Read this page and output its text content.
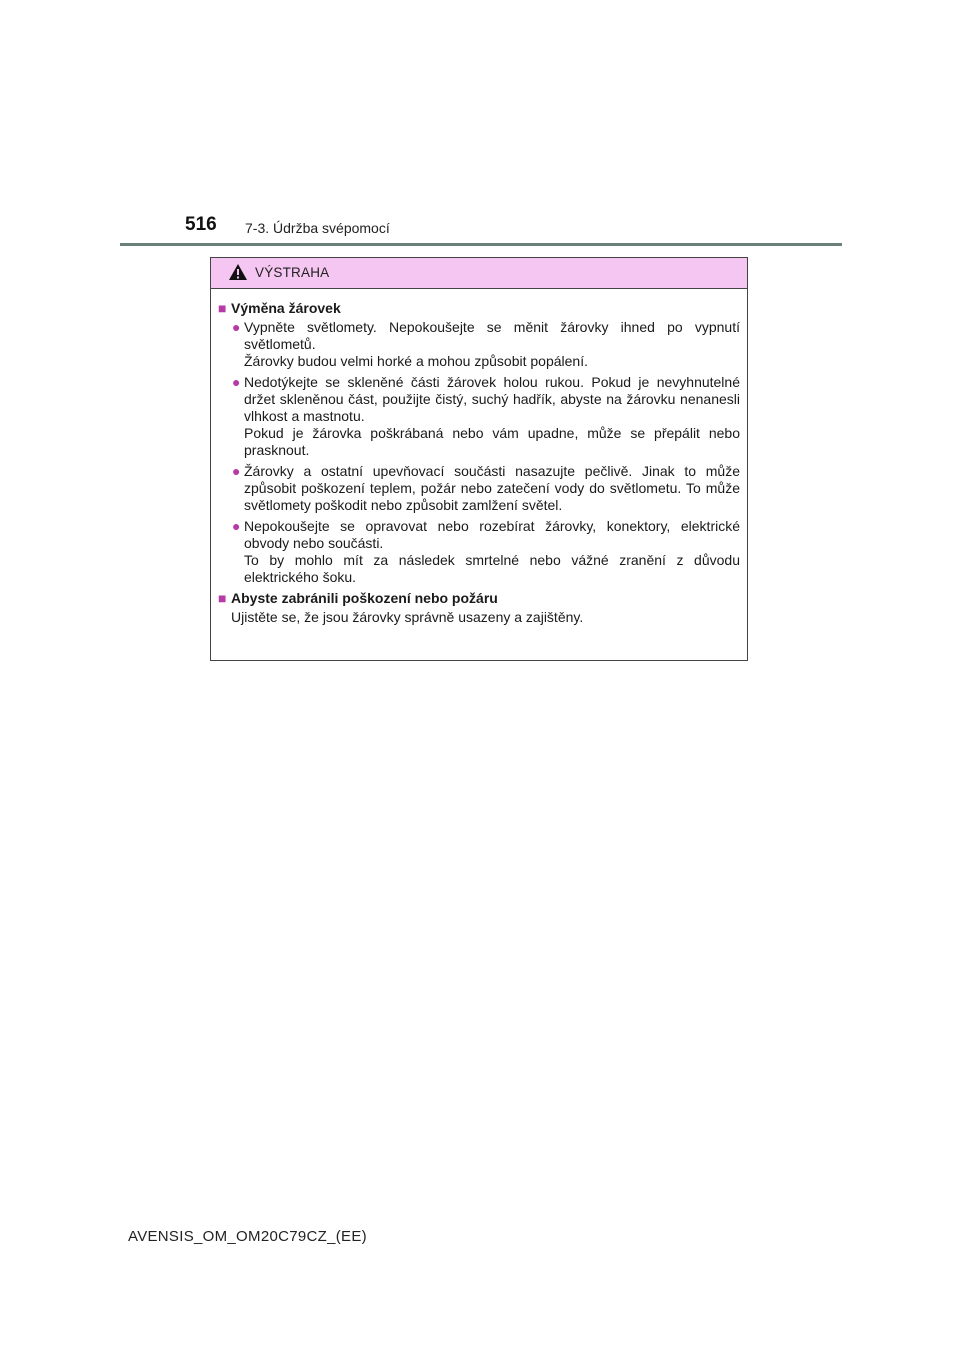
516 7-3. Údržba svépomocí
VÝSTRAHA
■ Výměna žárovek
● Vypněte světlomety. Nepokoušejte se měnit žárovky ihned po vypnutí světlometů.
Žárovky budou velmi horké a mohou způsobit popálení.
● Nedotýkejte se skleněné části žárovek holou rukou. Pokud je nevyhnutelné držet skleněnou část, použijte čistý, suchý hadřík, abyste na žárovku nenanesli vlhkost a mastnotu.
Pokud je žárovka poškrábaná nebo vám upadne, může se přepálit nebo prasknout.
● Žárovky a ostatní upevňovací součásti nasazujte pečlivě. Jinak to může způsobit poškození teplem, požár nebo zatečení vody do světlometu. To může světlomety poškodit nebo způsobit zamlžení světel.
● Nepokoušejte se opravovat nebo rozebírat žárovky, konektory, elektrické obvody nebo součásti.
To by mohlo mít za následek smrtelné nebo vážné zranění z důvodu elektrického šoku.
■ Abyste zabránili poškození nebo požáru
Ujistěte se, že jsou žárovky správně usazeny a zajištěny.
AVENSIS_OM_OM20C79CZ_(EE)
